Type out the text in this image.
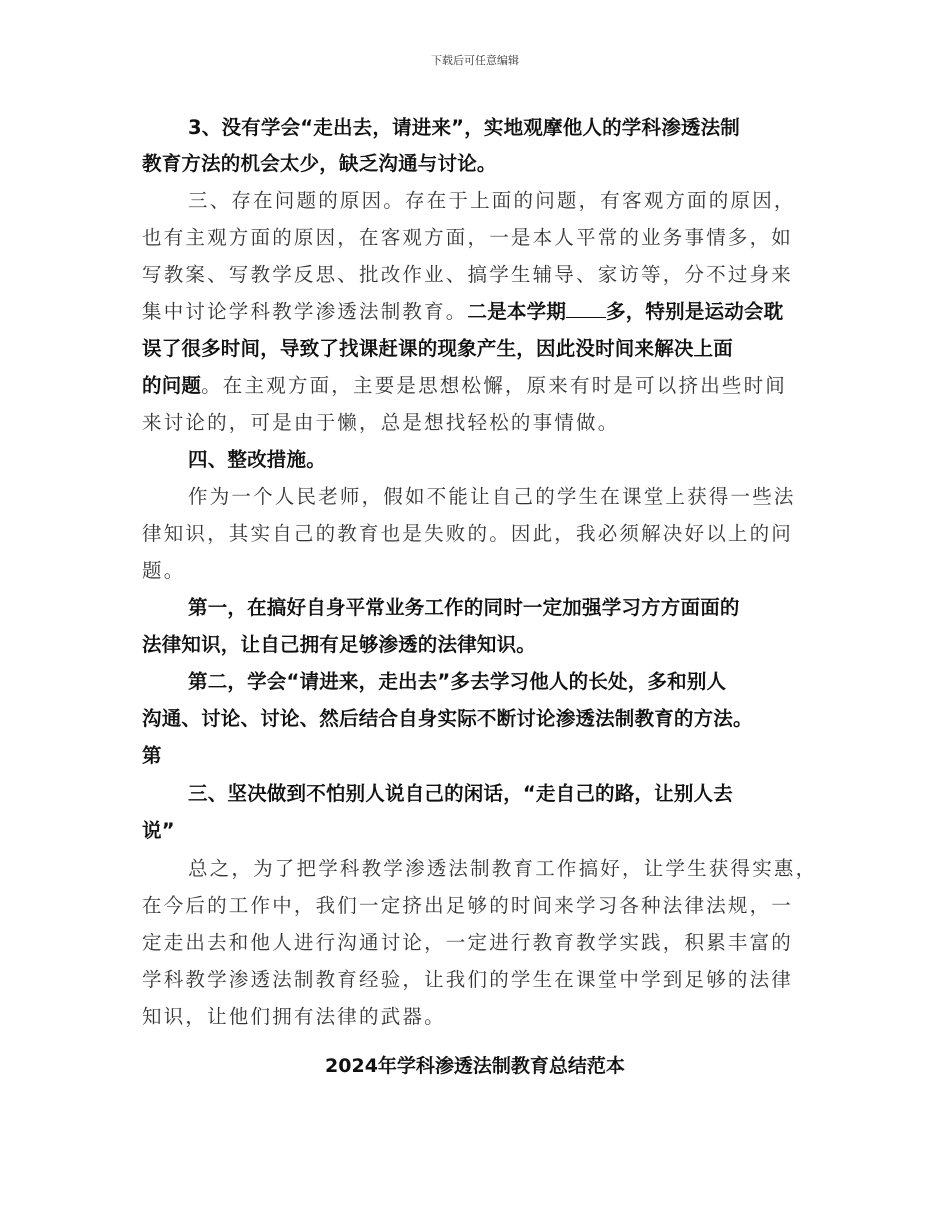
下载后可任意编辑
3、没有学会“走出去，请进来”，实地观摩他人的学科渗透法制
教育方法的机会太少，缺乏沟通与讨论。
三、存在问题的原因。存在于上面的问题，有客观方面的原因，
也有主观方面的原因，在客观方面，一是本人平常的业务事情多，如
写教案、写教学反思、批改作业、搞学生辅导、家访等，分不过身来
集中讨论学科教学渗透法制教育。二是本学期 多，特别是运动会耽
误了很多时间，导致了找课赶课的现象产生，因此没时间来解决上面
的问题。在主观方面，主要是思想松懈，原来有时是可以挤出些时间
来讨论的，可是由于懒，总是想找轻松的事情做。
四、整改措施。
作为一个人民老师，假如不能让自己的学生在课堂上获得一些法
律知识，其实自己的教育也是失败的。因此，我必须解决好以上的问
题。
第一，在搞好自身平常业务工作的同时一定加强学习方方面面的
法律知识，让自己拥有足够渗透的法律知识。
第二，学会“请进来，走出去”多去学习他人的长处，多和别人
沟通、讨论、讨论、然后结合自身实际不断讨论渗透法制教育的方法。
第
三、坚决做到不怕别人说自己的闲话，“走自己的路，让别人去
说”
总之，为了把学科教学渗透法制教育工作搞好，让学生获得实惠，
在今后的工作中，我们一定挤出足够的时间来学习各种法律法规，一
定走出去和他人进行沟通讨论，一定进行教育教学实践，积累丰富的
学科教学渗透法制教育经验，让我们的学生在课堂中学到足够的法律
知识，让他们拥有法律的武器。
2024年学科渗透法制教育总结范本
